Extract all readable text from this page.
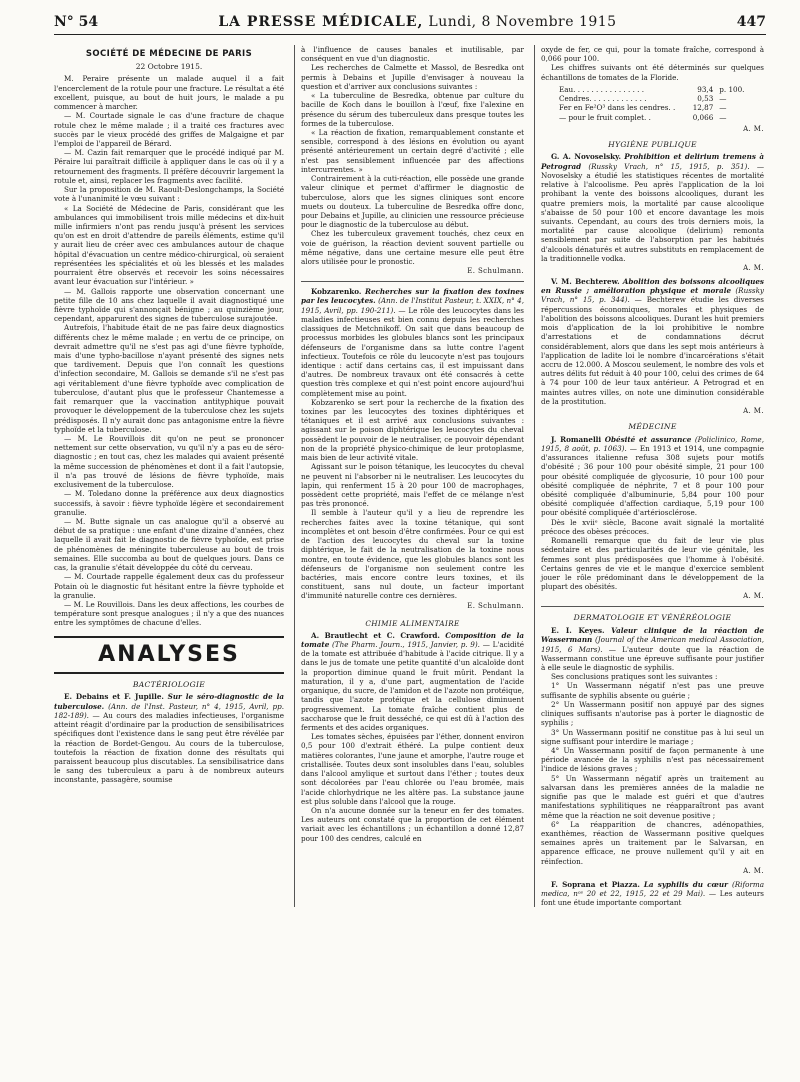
N° 54	LA PRESSE MÉDICALE, Lundi, 8 Novembre 1915	447
SOCIÉTÉ DE MÉDECINE DE PARIS
22 Octobre 1915.

M. Peraire présente un malade auquel il a fait l'encerclement de la rotule pour une fracture. Le résultat a été excellent, puisque, au bout de huit jours, le malade a pu commencer à marcher.

— M. Courtade signale le cas d'une fracture de chaque rotule chez le même malade ; il a traité ces fractures avec succès par le vieux procédé des griffes de Malgaigne et par l'emploi de l'appareil de Bérard.

— M. Cazin fait remarquer que le procédé indiqué par M. Péraire lui paraîtrait difficile à appliquer dans le cas où il y a retournement des fragments. Il préfère découvrir largement la rotule et, ainsi, replacer les fragments avec facilité.

Sur la proposition de M. Raoult-Deslongchamps, la Société vote à l'unanimité le vœu suivant :

« La Société de Médecine de Paris, considérant que les ambulances qui immobilisent trois mille médecins et dix-huit mille infirmiers n'ont pas rendu jusqu'à présent les services qu'on est en droit d'attendre de pareils éléments, estime qu'il y aurait lieu de créer avec ces ambulances autour de chaque hôpital d'évacuation un centre médico-chirurgical, où seraient représentées les spécialités et où les blessés et les malades pourraient être observés et recevoir les soins nécessaires avant leur évacuation sur l'intérieur. »

— M. Gallois rapporte une observation concernant une petite fille de 10 ans chez laquelle il avait diagnostiqué une fièvre typhoïde qui s'annonçait bénigne ; au quinzième jour, cependant, apparurent des signes de tuberculose surajoutée.

Autrefois, l'habitude était de ne pas faire deux diagnostics différents chez le même malade ; en vertu de ce principe, on devrait admettre qu'il ne s'est pas agi d'une fièvre typhoïde, mais d'une typho-bacillose n'ayant présenté des signes nets que tardivement. Depuis que l'on connaît les questions d'infection secondaire, M. Gallois se demande s'il ne s'est pas agi véritablement d'une fièvre typhoïde avec complication de tuberculose, d'autant plus que le professeur Chantemesse a fait remarquer que la vaccination antityphique pouvait provoquer le développement de la tuberculose chez les sujets prédisposés. Il n'y aurait donc pas antagonisme entre la fièvre typhoïde et la tuberculose.

— M. Le Rouvillois dit qu'on ne peut se prononcer nettement sur cette observation, vu qu'il n'y a pas eu de séro-diagnostic ; en tout cas, chez les malades qui avaient présenté la même succession de phénomènes et dont il a fait l'autopsie, il n'a pas trouvé de lésions de fièvre typhoïde, mais exclusivement de la tuberculose.

— M. Toledano donne la préférence aux deux diagnostics successifs, à savoir : fièvre typhoïde légère et secondairement granulie.

— M. Butte signale un cas analogue qu'il a observé au début de sa pratique : une enfant d'une dizaine d'années, chez laquelle il avait fait le diagnostic de fièvre typhoïde, est prise de phénomènes de méningite tuberculeuse au bout de trois semaines. Elle succomba au bout de quelques jours. Dans ce cas, la granulie s'était développée du côté du cerveau.

— M. Courtade rappelle également deux cas du professeur Potain où le diagnostic fut hésitant entre la fièvre typhoïde et la granulie.

— M. Le Rouvillois. Dans les deux affections, les courbes de température sont presque analogues ; il n'y a que des nuances entre les symptômes de chacune d'elles.

ANALYSES
BACTÉRIOLOGIE

E. Debains et F. Jupille. Sur le séro-diagnostic de la tuberculose. (Ann. de l'Inst. Pasteur, n° 4, 1915, Avril, pp. 182-189). — Au cours des maladies infectieuses, l'organisme atteint réagit d'ordinaire par la production de sensibilisatrices spécifiques dont l'existence dans le sang peut être révélée par la réaction de Bordet-Gengou. Au cours de la tuberculose, toutefois la réaction de fixation donne des résultats qui paraissent beaucoup plus discutables. La sensibilisatrice dans le sang des tuberculeux a paru à de nombreux auteurs inconstante, passagère, soumise

à l'influence de causes banales et inutilisable, par conséquent en vue d'un diagnostic.

Les recherches de Calmette et Massol, de Besredka ont permis à Debains et Jupille d'envisager à nouveau la question et d'arriver aux conclusions suivantes :

« La tuberculine de Besredka, obtenue par culture du bacille de Koch dans le bouillon à l'œuf, fixe l'alexine en présence du sérum des tuberculeux dans presque toutes les formes de la tuberculose.

« La réaction de fixation, remarquablement constante et sensible, correspond à des lésions en évolution ou ayant présenté antérieurement un certain degré d'activité ; elle n'est pas sensiblement influencée par des affections intercurrentes. »

Contrairement à la cuti-réaction, elle possède une grande valeur clinique et permet d'affirmer le diagnostic de tuberculose, alors que les signes cliniques sont encore muets ou douteux. La tuberculine de Besredka offre donc, pour Debains et Jupille, au clinicien une ressource précieuse pour le diagnostic de la tuberculose au début.

Chez les tuberculeux gravement touchés, chez ceux en voie de guérison, la réaction devient souvent partielle ou même négative, dans une certaine mesure elle peut être alors utilisée pour le pronostic.

E. Schulmann.

Kobzarenko. Recherches sur la fixation des toxines par les leucocytes. (Ann. de l'Institut Pasteur, t. XXIX, n° 4, 1915, Avril, pp. 190-211). — Le rôle des leucocytes dans les maladies infectieuses est bien connu depuis les recherches classiques de Metchnikoff. On sait que dans beaucoup de processus morbides les globules blancs sont les principaux défenseurs de l'organisme dans sa lutte contre l'agent infectieux. Toutefois ce rôle du leucocyte n'est pas toujours identique : actif dans certains cas, il est impuissant dans d'autres. De nombreux travaux ont été consacrés à cette question très complexe et qui n'est point encore aujourd'hui complètement mise au point.

Kobzarenko se sert pour la recherche de la fixation des toxines par les leucocytes des toxines diphtériques et tétaniques et il est arrivé aux conclusions suivantes : agissant sur le poison diphtérique les leucocytes du cheval possèdent le pouvoir de le neutraliser, ce pouvoir dépendant non de la propriété physico-chimique de leur protoplasme, mais bien de leur activité vitale.

Agissant sur le poison tétanique, les leucocytes du cheval ne peuvent ni l'absorber ni le neutraliser. Les leucocytes du lapin, qui renferment 15 à 20 pour 100 de macrophages, possèdent cette propriété, mais l'effet de ce mélange n'est pas très prononcé.

Il semble à l'auteur qu'il y a lieu de reprendre les recherches faites avec la toxine tétanique, qui sont incomplètes et ont besoin d'être confirmées. Pour ce qui est de l'action des leucocytes du cheval sur la toxine diphtérique, le fait de la neutralisation de la toxine nous montre, en toute évidence, que les globules blancs sont les défenseurs de l'organisme non seulement contre les bactéries, mais encore contre leurs toxines, et ils constituent, sans nul doute, un facteur important d'immunité naturelle contre ces dernières.

E. Schulmann.
CHIMIE ALIMENTAIRE

A. Brautlecht et C. Crawford. Composition de la tomate (The Pharm. Journ., 1915, Janvier, p. 9). — L'acidité de la tomate est attribuée d'habitude à l'acide citrique. Il y a dans le jus de tomate une petite quantité d'un alcaloïde dont la proportion diminue quand le fruit mûrit. Pendant la maturation, il y a, d'une part, augmentation de l'acide organique, du sucre, de l'amidon et de l'azote non protéique, tandis que l'azote protéique et la cellulose diminuent progressivement. La tomate fraîche contient plus de saccharose que le fruit desséché, ce qui est dû à l'action des ferments et des acides organiques.

Les tomates sèches, épuisées par l'éther, donnent environ 0,5 pour 100 d'extrait éthéré. La pulpe contient deux matières colorantes, l'une jaune et amorphe, l'autre rouge et cristallisée. Toutes deux sont insolubles dans l'eau, solubles dans l'alcool amylique et surtout dans l'éther ; toutes deux sont décolorées par l'eau chlorée ou l'eau bromée, mais l'acide chlorhydrique ne les altère pas. La substance jaune est plus soluble dans l'alcool que la rouge.

On n'a aucune donnée sur la teneur en fer des tomates. Les auteurs ont constaté que la proportion de cet élément variait avec les échantillons ; un échantillon a donné 12,87 pour 100 des cendres, calculé en

oxyde de fer, ce qui, pour la tomate fraîche, correspond à 0,066 pour 100.

Les chiffres suivants ont été déterminés sur quelques échantillons de tomates de la Floride.

Eau. . . . . . . . . . . . . . . .	93,4	p. 100.
Cendres. . . . . . . . . . . . .	0,53	—
Fer en Fe²O³ dans les cendres. .	12,87	—
— pour le fruit complet. .	0,066	—
A. M.
HYGIÈNE PUBLIQUE

G. A. Novoselsky. Prohibition et delirium tremens à Petrograd (Russky Vrach, n° 15, 1915, p. 351). — Novoselsky a étudié les statistiques récentes de mortalité relative à l'alcoolisme. Peu après l'application de la loi prohibant la vente des boissons alcooliques, durant les quatre premiers mois, la mortalité par cause alcoolique s'abaisse de 50 pour 100 et encore davantage les mois suivants. Cependant, au cours des trois derniers mois, la mortalité par cause alcoolique (delirium) remonta sensiblement par suite de l'absorption par les habitués d'alcools dénaturés et autres substituts en remplacement de la traditionnelle vodka.

A. M.

V. M. Bechterew. Abolition des boissons alcooliques en Russie ; amélioration physique et morale (Russky Vrach, n° 15, p. 344). — Bechterew étudie les diverses répercussions économiques, morales et physiques de l'abolition des boissons alcooliques. Durant les huit premiers mois d'application de la loi prohibitive le nombre d'arrestations et de condamnations décrut considérablement, alors que dans les sept mois antérieurs à l'application de ladite loi le nombre d'incarcérations s'était accru de 12.000. A Moscou seulement, le nombre des vols et autres délits fut réduit à 40 pour 100, celui des crimes de 64 à 74 pour 100 de leur taux antérieur. A Petrograd et en maintes autres villes, on note une diminution considérable de la prostitution.

A. M.
MÉDECINE

J. Romanelli Obésité et assurance (Policlinico, Rome, 1915, 8 août, p. 1063). — En 1913 et 1914, une compagnie d'assurances italienne refusa 308 sujets pour motifs d'obésité ; 36 pour 100 pour obésité simple, 21 pour 100 pour obésité compliquée de glycosurie, 10 pour 100 pour obésité compliquée de néphrite, 7 et 8 pour 100 pour obésité compliquée d'albuminurie, 5,84 pour 100 pour obésité compliquée d'affection cardiaque, 5,19 pour 100 pour obésité compliquée d'artériosclérose.

Dès le xviiᵉ siècle, Bacone avait signalé la mortalité précoce des obèses précoces.

Romanelli remarque que du fait de leur vie plus sédentaire et des particularités de leur vie génitale, les femmes sont plus prédisposées que l'homme à l'obésité. Certains genres de vie et le manque d'exercice semblent jouer le rôle prédominant dans le développement de la plupart des obésités.

A. M.
DERMATOLOGIE ET VÉNÉRÉOLOGIE

E. I. Keyes. Valeur clinique de la réaction de Wassermann (Journal of the American medical Association, 1915, 6 Mars). — L'auteur doute que la réaction de Wassermann constitue une épreuve suffisante pour justifier à elle seule le diagnostic de syphilis.

Ses conclusions pratiques sont les suivantes :

1° Un Wassermann négatif n'est pas une preuve suffisante de syphilis absente ou guérie ;

2° Un Wassermann positif non appuyé par des signes cliniques suffisants n'autorise pas à porter le diagnostic de syphilis ;

3° Un Wassermann positif ne constitue pas à lui seul un signe suffisant pour interdire le mariage ;

4° Un Wassermann positif de façon permanente à une période avancée de la syphilis n'est pas nécessairement l'indice de lésions graves ;

5° Un Wassermann négatif après un traitement au salvarsan dans les premières années de la maladie ne signifie pas que le malade est guéri et que d'autres manifestations syphilitiques ne réapparaîtront pas avant même que la réaction ne soit devenue positive ;

6° La réapparition de chancres, adénopathies, exanthèmes, réaction de Wassermann positive quelques semaines après un traitement par le Salvarsan, en apparence efficace, ne prouve nullement qu'il y ait en réinfection.

A. M.

F. Soprana et Piazza. La syphilis du cœur (Riforma medica, nᵒˢ 20 et 22, 1915, 22 et 29 Mai). — Les auteurs font une étude importante comportant
